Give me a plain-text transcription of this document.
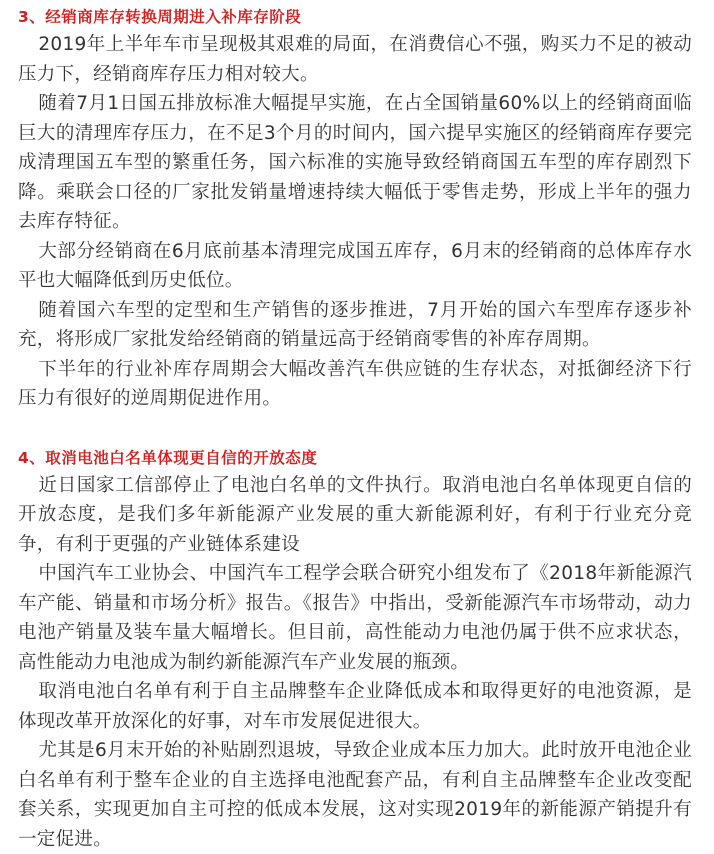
3、经销商库存转换周期进入补库存阶段

2019年上半年车市呈现极其艰难的局面，在消费信心不强，购买力不足的被动压力下，经销商库存压力相对较大。

随着7月1日国五排放标准大幅提早实施，在占全国销量60%以上的经销商面临巨大的清理库存压力，在不足3个月的时间内，国六提早实施区的经销商库存要完成清理国五车型的繁重任务，国六标准的实施导致经销商国五车型的库存剧烈下降。乘联会口径的厂家批发销量增速持续大幅低于零售走势，形成上半年的强力去库存特征。

大部分经销商在6月底前基本清理完成国五库存，6月末的经销商的总体库存水平也大幅降低到历史低位。

随着国六车型的定型和生产销售的逐步推进，7月开始的国六车型库存逐步补充，将形成厂家批发给经销商的销量远高于经销商零售的补库存周期。

下半年的行业补库存周期会大幅改善汽车供应链的生存状态，对抵御经济下行压力有很好的逆周期促进作用。

4、取消电池白名单体现更自信的开放态度

近日国家工信部停止了电池白名单的文件执行。取消电池白名单体现更自信的开放态度，是我们多年新能源产业发展的重大新能源利好，有利于行业充分竞争，有利于更强的产业链体系建设

中国汽车工业协会、中国汽车工程学会联合研究小组发布了《2018年新能源汽车产能、销量和市场分析》报告。《报告》中指出，受新能源汽车市场带动，动力电池产销量及装车量大幅增长。但目前，高性能动力电池仍属于供不应求状态，高性能动力电池成为制约新能源汽车产业发展的瓶颈。

取消电池白名单有利于自主品牌整车企业降低成本和取得更好的电池资源，是体现改革开放深化的好事，对车市发展促进很大。

尤其是6月末开始的补贴剧烈退坡，导致企业成本压力加大。此时放开电池企业白名单有利于整车企业的自主选择电池配套产品，有利自主品牌整车企业改变配套关系，实现更加自主可控的低成本发展，这对实现2019年的新能源产销提升有一定促进。
